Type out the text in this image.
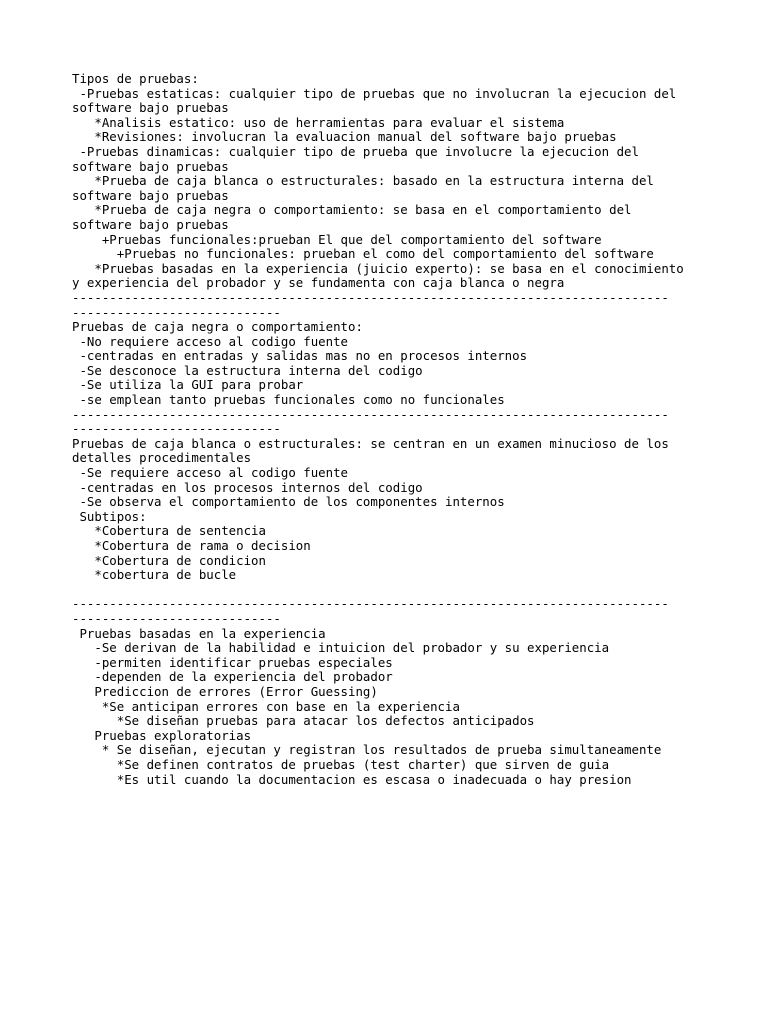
Tipos de pruebas:
-Pruebas estaticas: cualquier tipo de pruebas que no involucran la ejecucion del
software bajo pruebas
*Analisis estatico: uso de herramientas para evaluar el sistema
*Revisiones: involucran la evaluacion manual del software bajo pruebas
-Pruebas dinamicas: cualquier tipo de prueba que involucre la ejecucion del
software bajo pruebas
*Prueba de caja blanca o estructurales: basado en la estructura interna del
software bajo pruebas
*Prueba de caja negra o comportamiento: se basa en el comportamiento del
software bajo pruebas
+Pruebas funcionales:prueban El que del comportamiento del software
+Pruebas no funcionales: prueban el como del comportamiento del software
*Pruebas basadas en la experiencia (juicio experto): se basa en el conocimiento
y experiencia del probador y se fundamenta con caja blanca o negra
--------------------------------------------------------------------------------
----------------------------
Pruebas de caja negra o comportamiento:
-No requiere acceso al codigo fuente
-centradas en entradas y salidas mas no en procesos internos
-Se desconoce la estructura interna del codigo
-Se utiliza la GUI para probar
-se emplean tanto pruebas funcionales como no funcionales
--------------------------------------------------------------------------------
----------------------------
Pruebas de caja blanca o estructurales: se centran en un examen minucioso de los
detalles procedimentales
-Se requiere acceso al codigo fuente
-centradas en los procesos internos del codigo
-Se observa el comportamiento de los componentes internos
Subtipos:
*Cobertura de sentencia
*Cobertura de rama o decision
*Cobertura de condicion
*cobertura de bucle
--------------------------------------------------------------------------------
----------------------------
Pruebas basadas en la experiencia
-Se derivan de la habilidad e intuicion del probador y su experiencia
-permiten identificar pruebas especiales
-dependen de la experiencia del probador
Prediccion de errores (Error Guessing)
*Se anticipan errores con base en la experiencia
*Se diseñan pruebas para atacar los defectos anticipados
Pruebas exploratorias
* Se diseñan, ejecutan y registran los resultados de prueba simultaneamente
*Se definen contratos de pruebas (test charter) que sirven de guia
*Es util cuando la documentacion es escasa o inadecuada o hay presion
